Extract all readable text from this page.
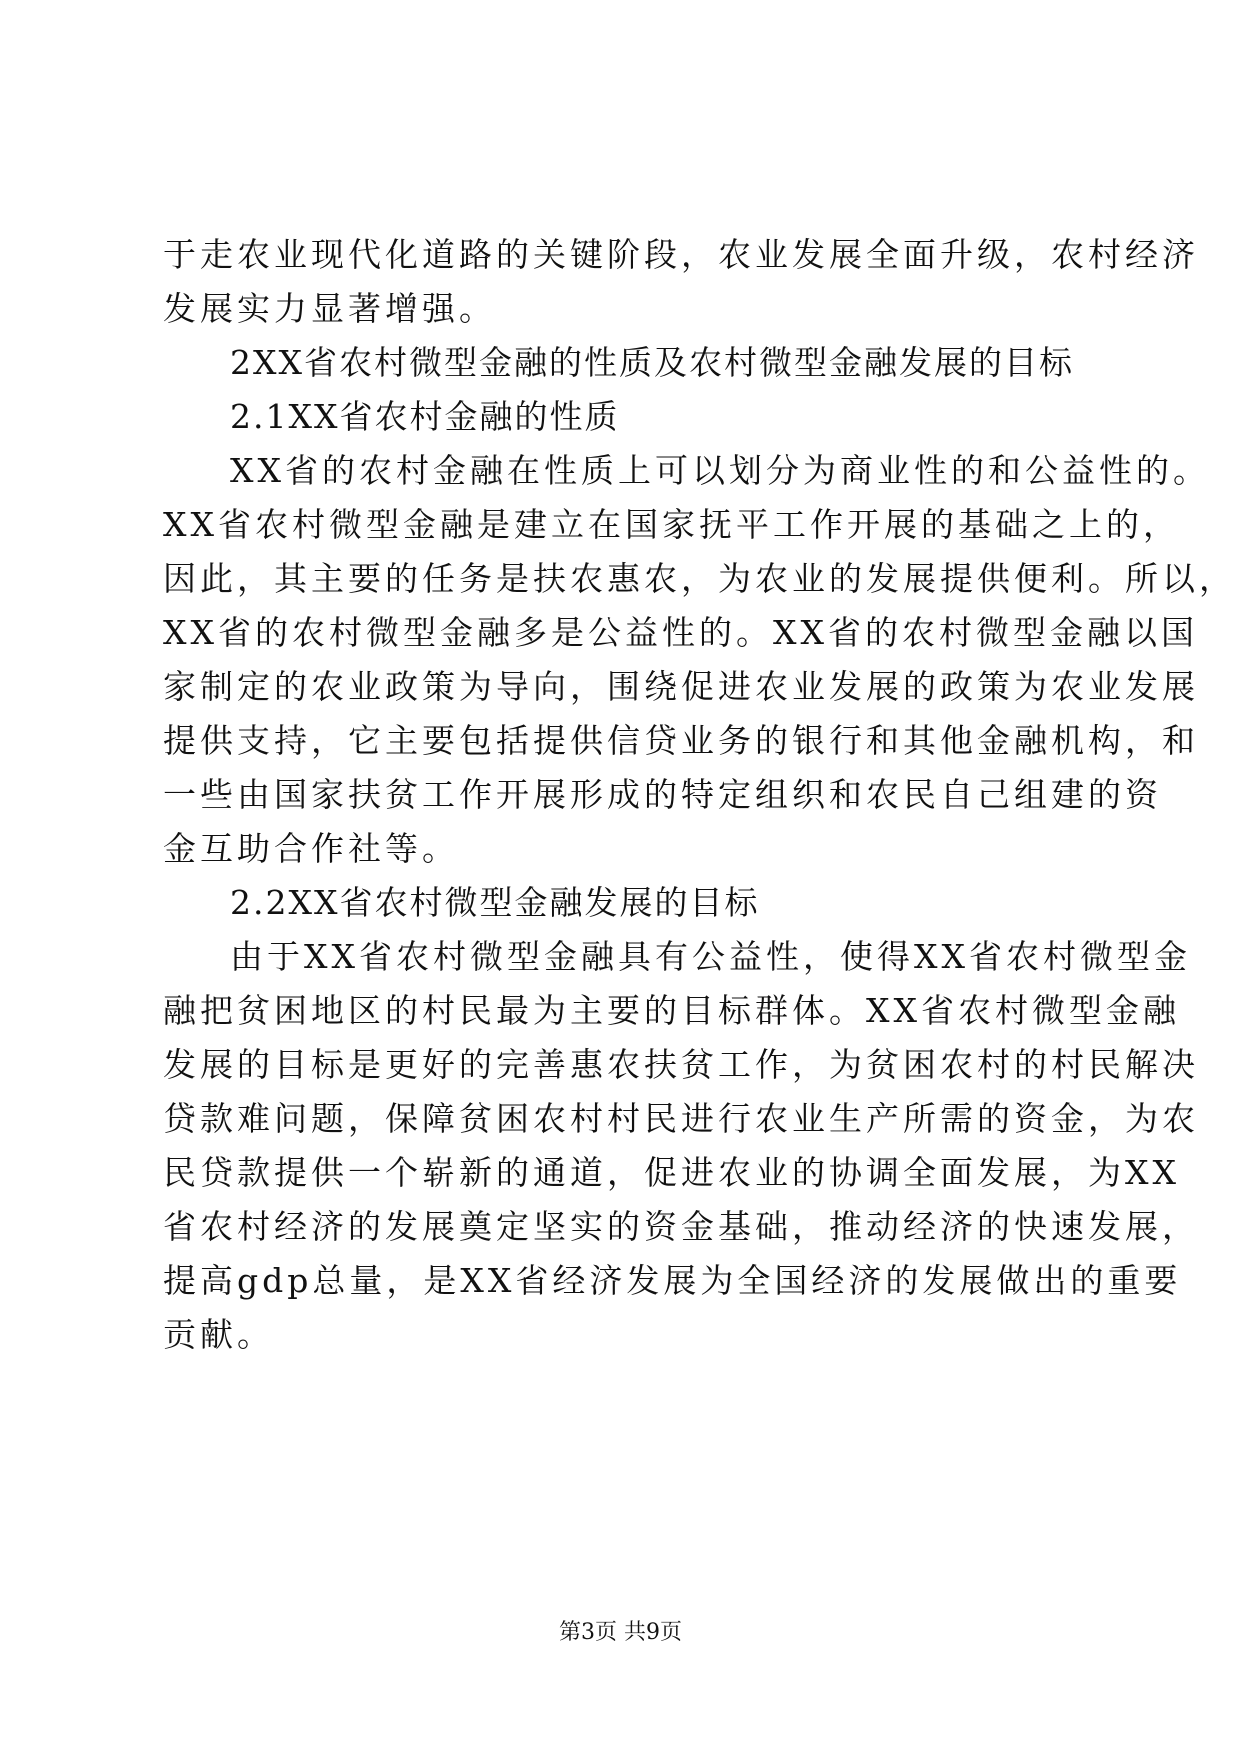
于走农业现代化道路的关键阶段，农业发展全面升级，农村经济
发展实力显著增强。
2XX省农村微型金融的性质及农村微型金融发展的目标
2.1XX省农村金融的性质
XX省的农村金融在性质上可以划分为商业性的和公益性的。
XX省农村微型金融是建立在国家抚平工作开展的基础之上的，
因此，其主要的任务是扶农惠农，为农业的发展提供便利。所以，
XX省的农村微型金融多是公益性的。XX省的农村微型金融以国
家制定的农业政策为导向，围绕促进农业发展的政策为农业发展
提供支持，它主要包括提供信贷业务的银行和其他金融机构，和
一些由国家扶贫工作开展形成的特定组织和农民自己组建的资
金互助合作社等。
2.2XX省农村微型金融发展的目标
由于XX省农村微型金融具有公益性，使得XX省农村微型金
融把贫困地区的村民最为主要的目标群体。XX省农村微型金融
发展的目标是更好的完善惠农扶贫工作，为贫困农村的村民解决
贷款难问题，保障贫困农村村民进行农业生产所需的资金，为农
民贷款提供一个崭新的通道，促进农业的协调全面发展，为XX
省农村经济的发展奠定坚实的资金基础，推动经济的快速发展，
提高gdp总量，是XX省经济发展为全国经济的发展做出的重要
贡献。
第3页 共9页
